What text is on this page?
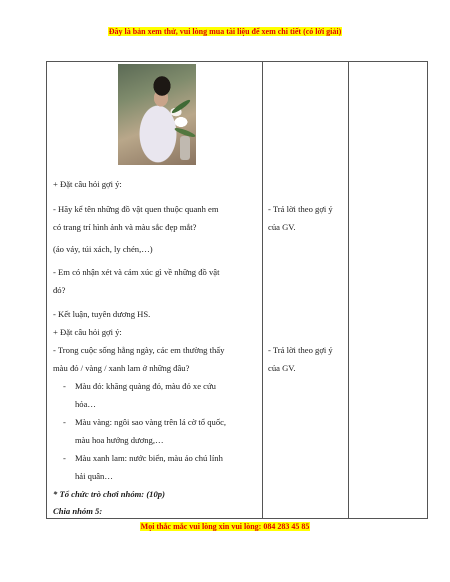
Đây là bản xem thử, vui lòng mua tài liệu để xem chi tiết (có lời giải)
+ Đặt câu hỏi gợi ý:
- Hãy kể tên những đồ vật quen thuộc quanh em
có trang trí hình ảnh và màu sắc đẹp mắt?
(áo váy, túi xách, ly chén,…)
- Em có nhận xét và cảm xúc gì về những đồ vật
đó?
- Kết luận, tuyên dương HS.
+ Đặt câu hỏi gợi ý:
- Trong cuộc sống hằng ngày, các em thường thấy
màu đỏ / vàng / xanh lam ở những đâu?
- Màu đỏ: khăng quàng đỏ, màu đỏ xe cứu
hỏa…
- Màu vàng: ngôi sao vàng trên lá cờ tổ quốc,
màu hoa hướng dương,…
- Màu xanh lam: nước biển, màu áo chú lính
hải quân…
* Tổ chức trò chơi nhóm: (10p)
Chia nhóm 5:
- Trả lời theo gợi ý
của GV.
- Trả lời theo gợi ý
của GV.
Mọi thắc mắc vui lòng xin vui lòng: 084 283 45 85
